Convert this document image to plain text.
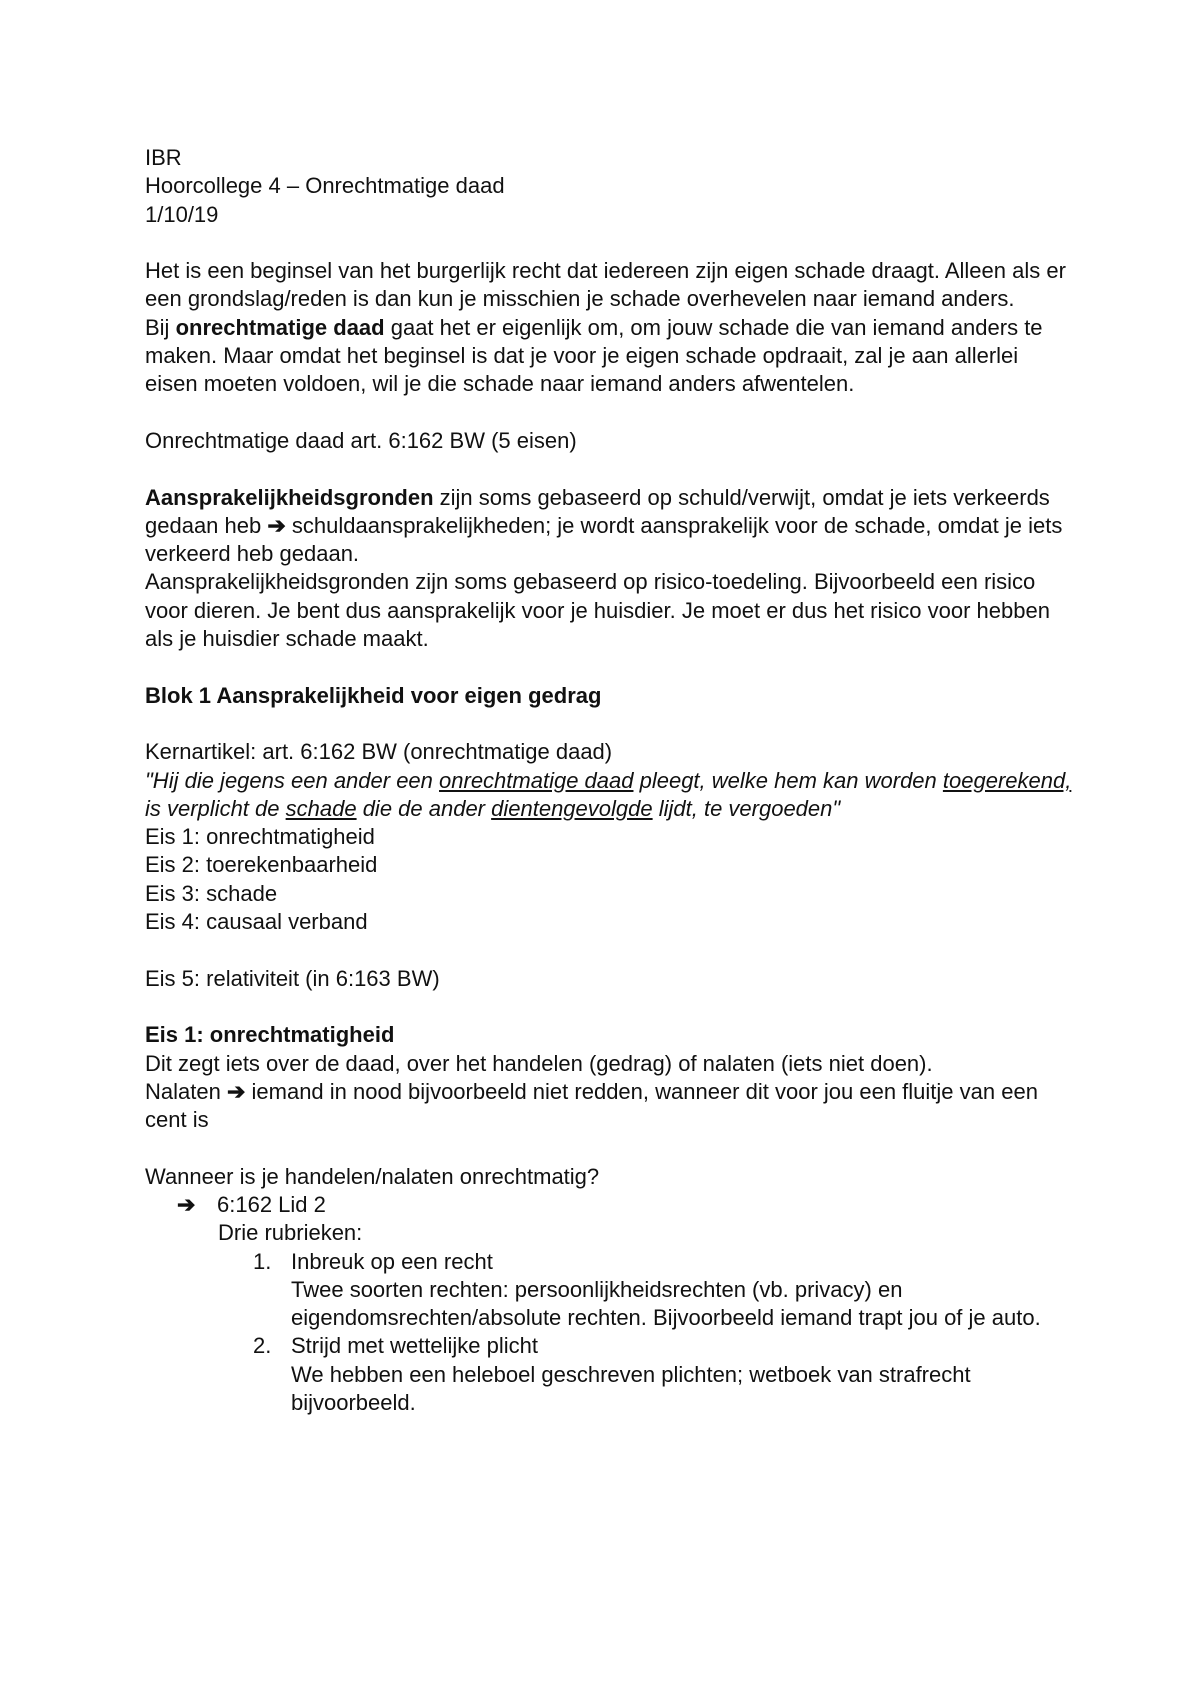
IBR

Hoorcollege 4 – Onrechtmatige daad

1/10/19

Het is een beginsel van het burgerlijk recht dat iedereen zijn eigen schade draagt. Alleen als er een grondslag/reden is dan kun je misschien je schade overhevelen naar iemand anders.

Bij onrechtmatige daad gaat het er eigenlijk om, om jouw schade die van iemand anders te maken. Maar omdat het beginsel is dat je voor je eigen schade opdraait, zal je aan allerlei eisen moeten voldoen, wil je die schade naar iemand anders afwentelen.

Onrechtmatige daad art. 6:162 BW (5 eisen)

Aansprakelijkheidsgronden zijn soms gebaseerd op schuld/verwijt, omdat je iets verkeerds gedaan heb ➔ schuldaansprakelijkheden; je wordt aansprakelijk voor de schade, omdat je iets verkeerd heb gedaan.

Aansprakelijkheidsgronden zijn soms gebaseerd op risico-toedeling. Bijvoorbeeld een risico voor dieren. Je bent dus aansprakelijk voor je huisdier. Je moet er dus het risico voor hebben als je huisdier schade maakt.

Blok 1 Aansprakelijkheid voor eigen gedrag

Kernartikel: art. 6:162 BW (onrechtmatige daad)

"Hij die jegens een ander een onrechtmatige daad pleegt, welke hem kan worden toegerekend, is verplicht de schade die de ander dientengevolgde lijdt, te vergoeden"

Eis 1: onrechtmatigheid

Eis 2: toerekenbaarheid

Eis 3: schade

Eis 4: causaal verband

Eis 5: relativiteit (in 6:163 BW)

Eis 1: onrechtmatigheid

Dit zegt iets over de daad, over het handelen (gedrag) of nalaten (iets niet doen).

Nalaten ➔ iemand in nood bijvoorbeeld niet redden, wanneer dit voor jou een fluitje van een cent is

Wanneer is je handelen/nalaten onrechtmatig?

➔ 6:162 Lid 2

Drie rubrieken:

1. Inbreuk op een recht

Twee soorten rechten: persoonlijkheidsrechten (vb. privacy) en eigendomsrechten/absolute rechten. Bijvoorbeeld iemand trapt jou of je auto.

2. Strijd met wettelijke plicht

We hebben een heleboel geschreven plichten; wetboek van strafrecht bijvoorbeeld.
